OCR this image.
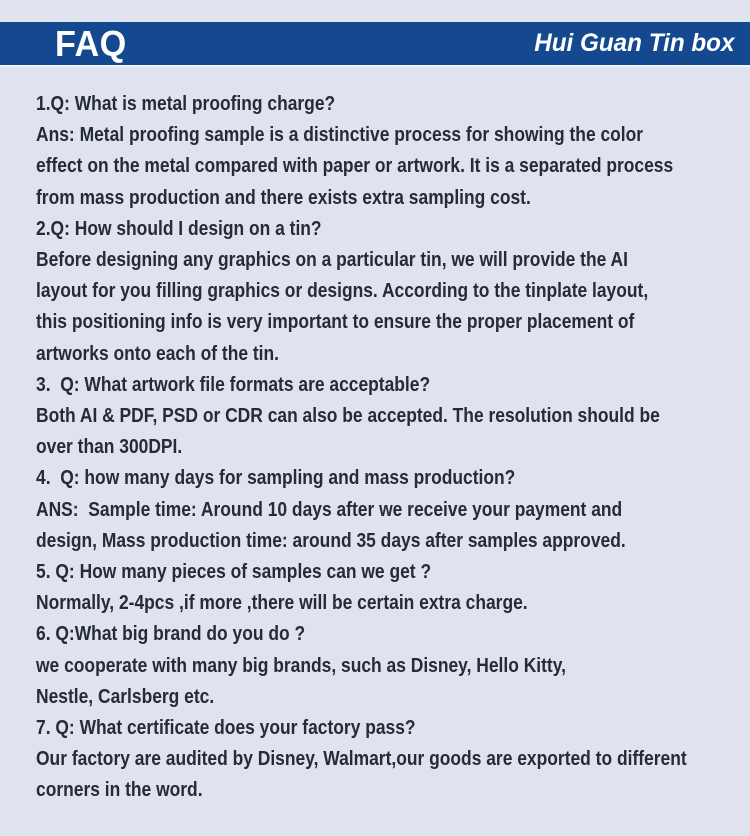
FAQ	Hui Guan Tin box
1.Q: What is metal proofing charge?
Ans: Metal proofing sample is a distinctive process for showing the color
effect on the metal compared with paper or artwork. It is a separated process
from mass production and there exists extra sampling cost.
2.Q: How should I design on a tin?
Before designing any graphics on a particular tin, we will provide the AI
layout for you filling graphics or designs. According to the tinplate layout,
this positioning info is very important to ensure the proper placement of
artworks onto each of the tin.
3.  Q: What artwork file formats are acceptable?
Both AI & PDF, PSD or CDR can also be accepted. The resolution should be
over than 300DPI.
4.  Q: how many days for sampling and mass production?
ANS:  Sample time: Around 10 days after we receive your payment and
design, Mass production time: around 35 days after samples approved.
5. Q: How many pieces of samples can we get ?
Normally, 2-4pcs ,if more ,there will be certain extra charge.
6. Q:What big brand do you do ?
we cooperate with many big brands, such as Disney, Hello Kitty,
Nestle, Carlsberg etc.
7. Q: What certificate does your factory pass?
Our factory are audited by Disney, Walmart,our goods are exported to different
corners in the word.
